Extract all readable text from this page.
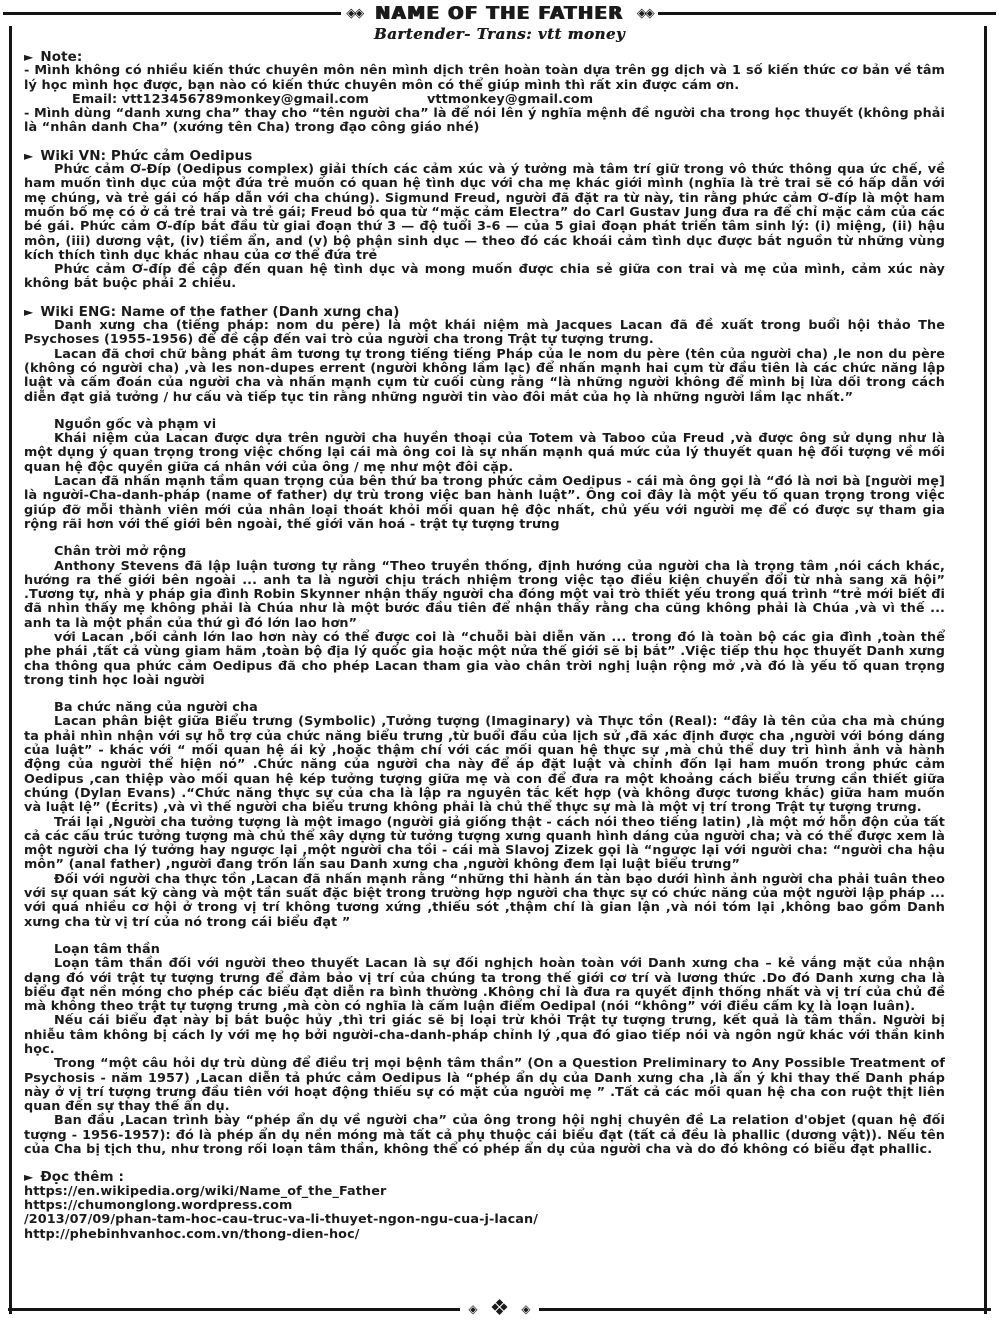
◈◈ NAME OF THE FATHER	◈◈
Bartender- Trans: vtt money

► Note:

- Mình không có nhiều kiến thức chuyên môn nên mình dịch trên hoàn toàn dựa trên gg dịch và 1 số kiến thức cơ bản về tâm lý học mình học được, bạn nào có kiến thức chuyên môn có thể giúp mình thì rất xin được cám ơn.

Email: vtt123456789monkey@gmail.com	vttmonkey@gmail.com

- Mình dùng “danh xưng cha” thay cho “tên người cha” là để nói lên ý nghĩa mệnh đề người cha trong học thuyết (không phải là “nhân danh Cha” (xướng tên Cha) trong đạo công giáo nhé)

► Wiki VN: Phức cảm Oedipus

Phức cảm Ơ-Đíp (Oedipus complex) giải thích các cảm xúc và ý tưởng mà tâm trí giữ trong vô thức thông qua ức chế, về ham muốn tình dục của một đứa trẻ muốn có quan hệ tình dục với cha mẹ khác giới mình (nghĩa là trẻ trai sẽ có hấp dẫn với mẹ chúng, và trẻ gái có hấp dẫn với cha chúng). Sigmund Freud, người đã đặt ra từ này, tin rằng phức cảm Ơ-đíp là một ham muốn bố mẹ có ở cả trẻ trai và trẻ gái; Freud bỏ qua từ “mặc cảm Electra” do Carl Gustav Jung đưa ra để chỉ mặc cảm của các bé gái. Phức cảm Ơ-đíp bắt đầu từ giai đoạn thứ 3 — độ tuổi 3-6 — của 5 giai đoạn phát triển tâm sinh lý: (i) miệng, (ii) hậu môn, (iii) dương vật, (iv) tiềm ẩn, and (v) bộ phận sinh dục — theo đó các khoái cảm tình dục được bắt nguồn từ những vùng kích thích tình dục khác nhau của cơ thể đứa trẻ

Phức cảm Ơ-đíp đề cập đến quan hệ tình dục và mong muốn được chia sẻ giữa con trai và mẹ của mình, cảm xúc này không bắt buộc phải 2 chiều.

► Wiki ENG: Name of the father (Danh xưng cha)

Danh xưng cha (tiếng pháp: nom du père) là một khái niệm mà Jacques Lacan đã đề xuất trong buổi hội thảo The Psychoses (1955-1956) để đề cập đến vai trò của người cha trong Trật tự tượng trưng.

Lacan đã chơi chữ bằng phát âm tương tự trong tiếng tiếng Pháp của le nom du père (tên của người cha) ,le non du père (không có người cha) ,và les non-dupes errent (người không lầm lạc) để nhấn mạnh hai cụm từ đầu tiên là các chức năng lập luật và cấm đoán của người cha và nhấn mạnh cụm từ cuối cùng rằng “là những người không để mình bị lừa dối trong cách diễn đạt giả tưởng / hư cấu và tiếp tục tin rằng những người tin vào đôi mắt của họ là những người lầm lạc nhất.”

Nguồn gốc và phạm vi

Khái niệm của Lacan được dựa trên người cha huyền thoại của Totem và Taboo của Freud ,và được ông sử dụng như là một dụng ý quan trọng trong việc chống lại cái mà ông coi là sự nhấn mạnh quá mức của lý thuyết quan hệ đối tượng về mối quan hệ độc quyền giữa cá nhân với của ông / mẹ như một đôi cặp.

Lacan đã nhấn mạnh tầm quan trọng của bên thứ ba trong phức cảm Oedipus - cái mà ông gọi là “đó là nơi bà [người mẹ] là người-Cha-danh-pháp (name of father) dự trù trong việc ban hành luật”. Ông coi đây là một yếu tố quan trọng trong việc giúp đỡ mỗi thành viên mới của nhân loại thoát khỏi mối quan hệ độc nhất, chủ yếu với người mẹ để có được sự tham gia rộng rãi hơn với thế giới bên ngoài, thế giới văn hoá - trật tự tượng trưng

Chân trời mở rộng

Anthony Stevens đã lập luận tương tự rằng “Theo truyền thống, định hướng của người cha là trọng tâm ,nói cách khác, hướng ra thế giới bên ngoài ... anh ta là người chịu trách nhiệm trong việc tạo điều kiện chuyển đổi từ nhà sang xã hội” .Tương tự, nhà y pháp gia đình Robin Skynner nhận thấy người cha đóng một vai trò thiết yếu trong quá trình “trẻ mới biết đi đã nhìn thấy mẹ không phải là Chúa như là một bước đầu tiên để nhận thấy rằng cha cũng không phải là Chúa ,và vì thế ... anh ta là một phần của thứ gì đó lớn lao hơn”

với Lacan ,bối cảnh lớn lao hơn này có thể được coi là “chuỗi bài diễn văn ... trong đó là toàn bộ các gia đình ,toàn thể phe phái ,tất cả vùng giam hãm ,toàn bộ địa lý quốc gia hoặc một nửa thế giới sẽ bị bắt” .Việc tiếp thu học thuyết Danh xưng cha thông qua phức cảm Oedipus đã cho phép Lacan tham gia vào chân trời nghị luận rộng mở ,và đó là yếu tố quan trọng trong tinh học loài người

Ba chức năng của người cha

Lacan phân biệt giữa Biểu trưng (Symbolic) ,Tưởng tượng (Imaginary) và Thực tồn (Real): “đây là tên của cha mà chúng ta phải nhìn nhận với sự hỗ trợ của chức năng biểu trưng ,từ buổi đầu của lịch sử ,đã xác định được cha ,người với bóng dáng của luật” - khác với “ mối quan hệ ái kỷ ,hoặc thậm chí với các mối quan hệ thực sự ,mà chủ thể duy trì hình ảnh và hành động của người thể hiện nó” .Chức năng của người cha này để áp đặt luật và chỉnh đốn lại ham muốn trong phức cảm Oedipus ,can thiệp vào mối quan hệ kép tưởng tượng giữa mẹ và con để đưa ra một khoảng cách biểu trưng cần thiết giữa chúng (Dylan Evans) .“Chức năng thực sự của cha là lập ra nguyên tắc kết hợp (và không được tương khắc) giữa ham muốn và luật lệ” (Écrits) ,và vì thế người cha biểu trưng không phải là chủ thể thực sự mà là một vị trí trong Trật tự tượng trưng.

Trái lại ,Người cha tưởng tượng là một imago (người giả giống thật - cách nói theo tiếng latin) ,là một mớ hỗn độn của tất cả các cấu trúc tưởng tượng mà chủ thể xây dựng từ tưởng tượng xưng quanh hình dáng của người cha; và có thể được xem là một người cha lý tưởng hay ngược lại ,một người cha tồi - cái mà Slavoj Zizek gọi là “ngược lại với người cha: “người cha hậu môn” (anal father) ,người đang trốn lẩn sau Danh xưng cha ,người không đem lại luật biểu trưng”

Đối với người cha thực tồn ,Lacan đã nhấn mạnh rằng “những thi hành án tàn bạo dưới hình ảnh người cha phải tuân theo với sự quan sát kỹ càng và một tần suất đặc biệt trong trường hợp người cha thực sự có chức năng của một người lập pháp ... với quá nhiều cơ hội ở trong vị trí không tương xứng ,thiếu sót ,thậm chí là gian lận ,và nói tóm lại ,không bao gồm Danh xưng cha từ vị trí của nó trong cái biểu đạt ”

Loạn tâm thần

Loạn tâm thần đối với người theo thuyết Lacan là sự đối nghịch hoàn toàn với Danh xưng cha – kẻ vắng mặt của nhận dạng đó với trật tự tượng trưng để đảm bảo vị trí của chúng ta trong thế giới cơ trí và lương thức .Do đó Danh xưng cha là biểu đạt nền móng cho phép các biểu đạt diễn ra bình thường .Không chỉ là đưa ra quyết định thống nhất và vị trí của chủ đề mà không theo trật tự tượng trưng ,mà còn có nghĩa là cấm luận điểm Oedipal (nói “không” với điều cấm kỵ là loạn luân).

Nếu cái biểu đạt này bị bắt buộc hủy ,thì tri giác sẽ bị loại trừ khỏi Trật tự tượng trưng, kết quả là tâm thần. Người bị nhiễu tâm không bị cách ly với mẹ họ bởi người-cha-danh-pháp chỉnh lý ,qua đó giao tiếp nói và ngôn ngữ khác với thần kinh học.

Trong “một câu hỏi dự trù dùng để điều trị mọi bệnh tâm thần” (On a Question Preliminary to Any Possible Treatment of Psychosis - năm 1957) ,Lacan diễn tả phức cảm Oedipus là “phép ẩn dụ của Danh xưng cha ,là ẩn ý khi thay thế Danh pháp này ở vị trí tượng trưng đầu tiên với hoạt động thiếu sự có mặt của người mẹ ” .Tất cả các mối quan hệ cha con ruột thịt liên quan đến sự thay thế ẩn dụ.

Ban đầu ,Lacan trình bày “phép ẩn dụ về người cha” của ông trong hội nghị chuyên đề La relation d'objet (quan hệ đối tượng - 1956-1957): đó là phép ẩn dụ nền móng mà tất cả phụ thuộc cái biểu đạt (tất cả đều là phallic (dương vật)). Nếu tên của Cha bị tịch thu, như trong rối loạn tâm thần, không thể có phép ẩn dụ của người cha và do đó không có biểu đạt phallic.

► Đọc thêm :

https://en.wikipedia.org/wiki/Name_of_the_Father

https://chumonglong.wordpress.com

/2013/07/09/phan-tam-hoc-cau-truc-va-li-thuyet-ngon-ngu-cua-j-lacan/

http://phebinhvanhoc.com.vn/thong-dien-hoc/

◈ ❖ ◈
